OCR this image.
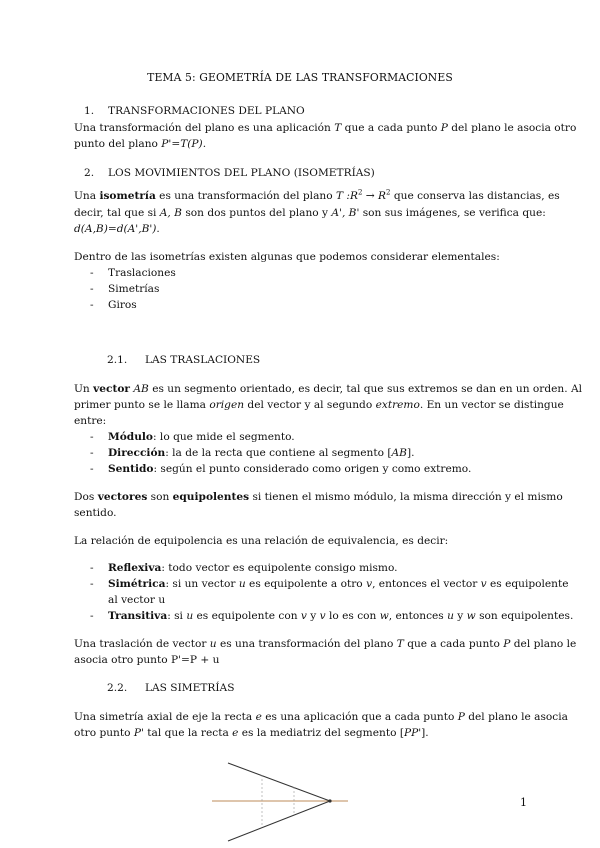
TEMA 5: GEOMETRÍA DE LAS TRANSFORMACIONES
1. TRANSFORMACIONES DEL PLANO
Una transformación del plano es una aplicación T que a cada punto P del plano le asocia otro
punto del plano P'=T(P).
2. LOS MOVIMIENTOS DEL PLANO (ISOMETRÍAS)
Una isometría es una transformación del plano T $:R^2 \to R^2$ que conserva las distancias, es
decir, tal que si A, B son dos puntos del plano y A', B' son sus imágenes, se verifica que:
d(A,B)=d(A',B').
Dentro de las isometrías existen algunas que podemos considerar elementales:
- Traslaciones
- Simetrías
- Giros
2.1. LAS TRASLACIONES
Un vector AB es un segmento orientado, es decir, tal que sus extremos se dan en un orden. Al
primer punto se le llama origen del vector y al segundo extremo. En un vector se distingue
entre:
- Módulo: lo que mide el segmento.
- Dirección: la de la recta que contiene al segmento [AB].
- Sentido: según el punto considerado como origen y como extremo.
Dos vectores son equipolentes si tienen el mismo módulo, la misma dirección y el mismo
sentido.
La relación de equipolencia es una relación de equivalencia, es decir:
- Reflexiva: todo vector es equipolente consigo mismo.
- Simétrica: si un vector u es equipolente a otro v, entonces el vector v es equipolente
al vector u
- Transitiva: si u es equipolente con v y v lo es con w, entonces u y w son equipolentes.
Una traslación de vector u es una transformación del plano T que a cada punto P del plano le
asocia otro punto P'=P + u
2.2. LAS SIMETRÍAS
Una simetría axial de eje la recta e es una aplicación que a cada punto P del plano le asocia
otro punto P' tal que la recta e es la mediatriz del segmento [PP'].
1
